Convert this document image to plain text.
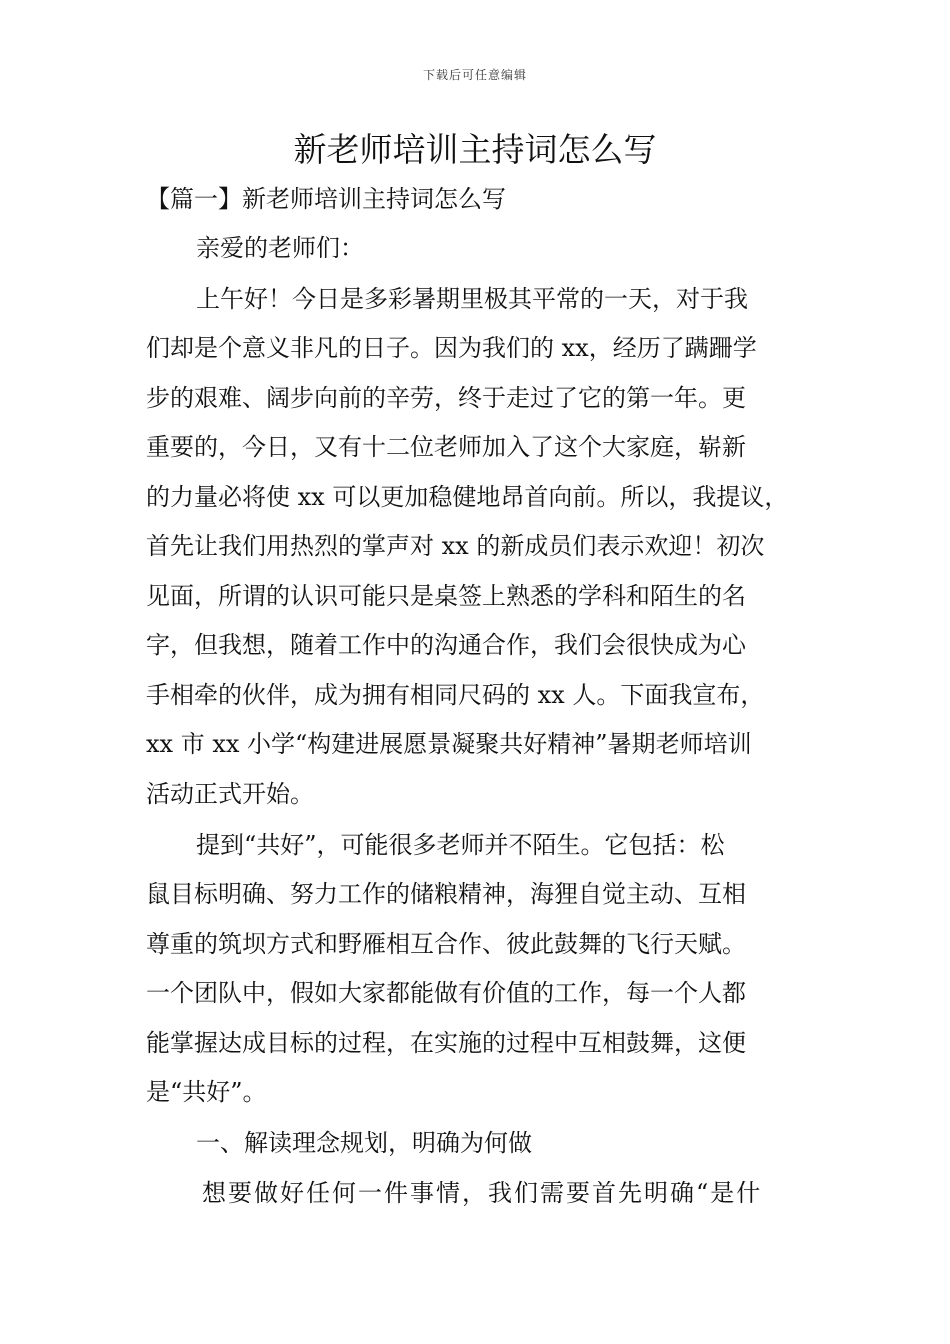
下载后可任意编辑
新老师培训主持词怎么写
【篇一】新老师培训主持词怎么写
亲爱的老师们：
上午好！今日是多彩暑期里极其平常的一天，对于我
们却是个意义非凡的日子。因为我们的 xx，经历了蹒跚学
步的艰难、阔步向前的辛劳，终于走过了它的第一年。更
重要的，今日，又有十二位老师加入了这个大家庭，崭新
的力量必将使 xx 可以更加稳健地昂首向前。所以，我提议，
首先让我们用热烈的掌声对 xx 的新成员们表示欢迎！初次
见面，所谓的认识可能只是桌签上熟悉的学科和陌生的名
字，但我想，随着工作中的沟通合作，我们会很快成为心
手相牵的伙伴，成为拥有相同尺码的 xx 人。下面我宣布，
xx 市 xx 小学“构建进展愿景凝聚共好精神”暑期老师培训
活动正式开始。
提到“共好”，可能很多老师并不陌生。它包括：松
鼠目标明确、努力工作的储粮精神，海狸自觉主动、互相
尊重的筑坝方式和野雁相互合作、彼此鼓舞的飞行天赋。
一个团队中，假如大家都能做有价值的工作，每一个人都
能掌握达成目标的过程，在实施的过程中互相鼓舞，这便
是“共好”。
一、解读理念规划，明确为何做
想要做好任何一件事情，我们需要首先明确“是什
